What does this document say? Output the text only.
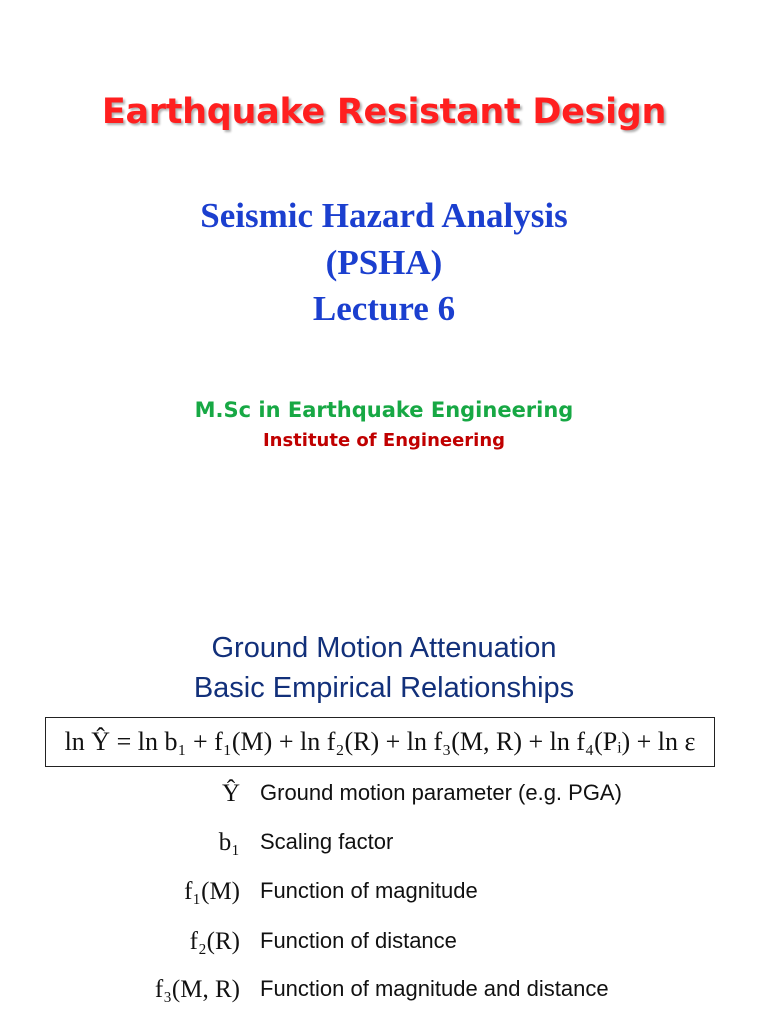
Earthquake Resistant Design
Seismic Hazard Analysis
(PSHA)
Lecture 6
M.Sc in Earthquake Engineering
Institute of Engineering
Ground Motion Attenuation
Basic Empirical Relationships
ln Ŷ = ln b₁ + f₁(M) + ln f₂(R) + ln f₃(M, R) + ln f₄(Pᵢ) + ln ε
Ŷ Ground motion parameter (e.g. PGA)
b₁ Scaling factor
f₁(M) Function of magnitude
f₂(R) Function of distance
f₃(M, R) Function of magnitude and distance
